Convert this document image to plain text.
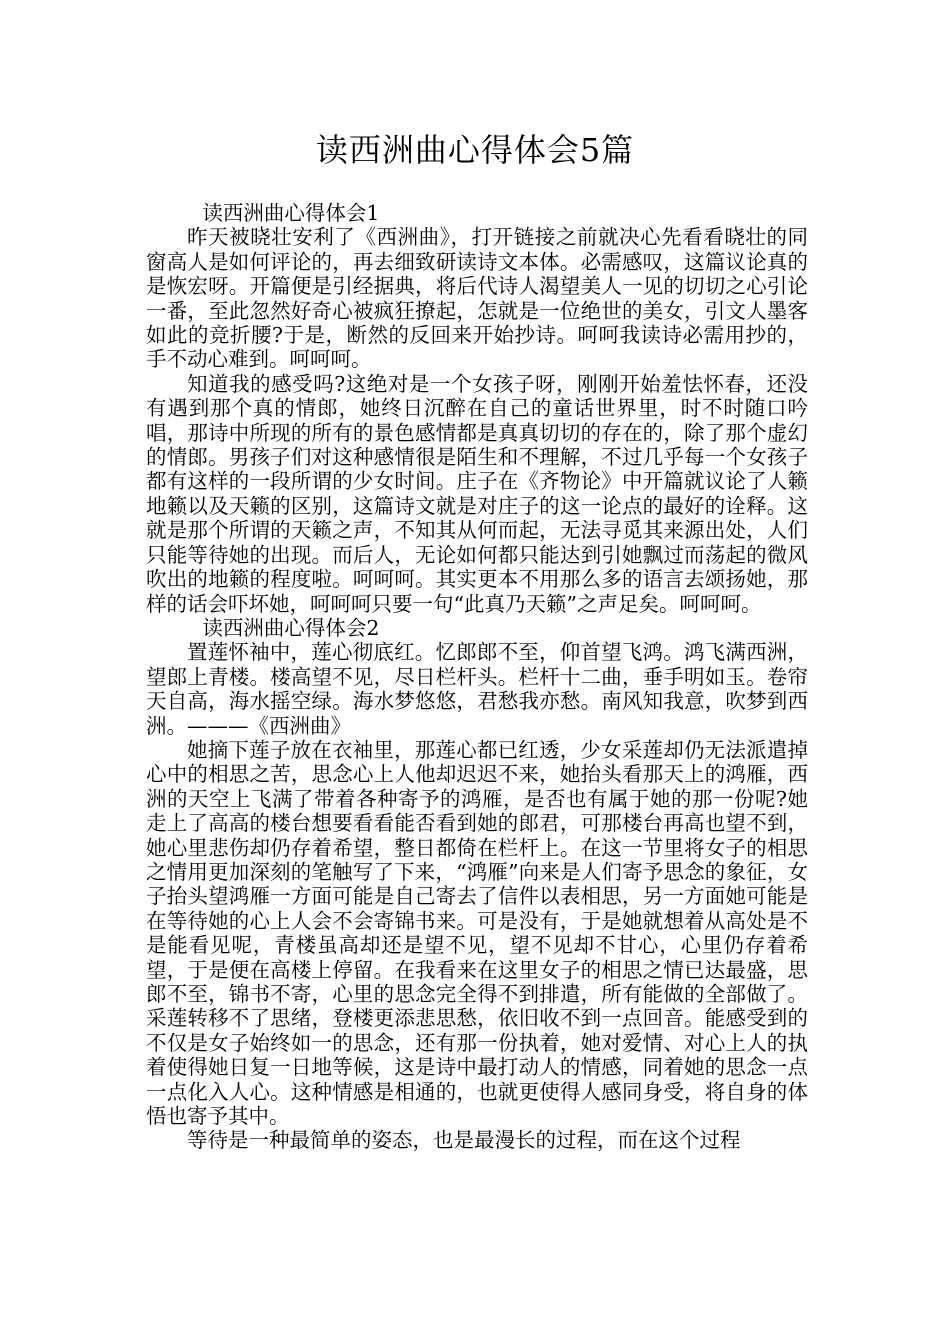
读西洲曲心得体会5篇

读西洲曲心得体会1

昨天被晓壮安利了《西洲曲》，打开链接之前就决心先看看晓壮的同窗高人是如何评论的，再去细致研读诗文本体。必需感叹，这篇议论真的是恢宏呀。开篇便是引经据典，将后代诗人渴望美人一见的切切之心引论一番，至此忽然好奇心被疯狂撩起，怎就是一位绝世的美女，引文人墨客如此的竞折腰?于是，断然的反回来开始抄诗。呵呵我读诗必需用抄的，手不动心难到。呵呵呵。

知道我的感受吗?这绝对是一个女孩子呀，刚刚开始羞怯怀春，还没有遇到那个真的情郎，她终日沉醉在自己的童话世界里，时不时随口吟唱，那诗中所现的所有的景色感情都是真真切切的存在的，除了那个虚幻的情郎。男孩子们对这种感情很是陌生和不理解，不过几乎每一个女孩子都有这样的一段所谓的少女时间。庄子在《齐物论》中开篇就议论了人籁地籁以及天籁的区别，这篇诗文就是对庄子的这一论点的最好的诠释。这就是那个所谓的天籁之声，不知其从何而起，无法寻觅其来源出处，人们只能等待她的出现。而后人，无论如何都只能达到引她飘过而荡起的微风吹出的地籁的程度啦。呵呵呵。其实更本不用那么多的语言去颂扬她，那样的话会吓坏她，呵呵呵只要一句“此真乃天籁”之声足矣。呵呵呵。

读西洲曲心得体会2

置莲怀袖中，莲心彻底红。忆郎郎不至，仰首望飞鸿。鸿飞满西洲，望郎上青楼。楼高望不见，尽日栏杆头。栏杆十二曲，垂手明如玉。卷帘天自高，海水摇空绿。海水梦悠悠，君愁我亦愁。南风知我意，吹梦到西洲。———《西洲曲》

她摘下莲子放在衣袖里，那莲心都已红透，少女采莲却仍无法派遣掉心中的相思之苦，思念心上人他却迟迟不来，她抬头看那天上的鸿雁，西洲的天空上飞满了带着各种寄予的鸿雁，是否也有属于她的那一份呢?她走上了高高的楼台想要看看能否看到她的郎君，可那楼台再高也望不到，她心里悲伤却仍存着希望，整日都倚在栏杆上。在这一节里将女子的相思之情用更加深刻的笔触写了下来，“鸿雁”向来是人们寄予思念的象征，女子抬头望鸿雁一方面可能是自己寄去了信件以表相思，另一方面她可能是在等待她的心上人会不会寄锦书来。可是没有，于是她就想着从高处是不是能看见呢，青楼虽高却还是望不见，望不见却不甘心，心里仍存着希望，于是便在高楼上停留。在我看来在这里女子的相思之情已达最盛，思郎不至，锦书不寄，心里的思念完全得不到排遣，所有能做的全部做了。采莲转移不了思绪，登楼更添悲思愁，依旧收不到一点回音。能感受到的不仅是女子始终如一的思念，还有那一份执着，她对爱情、对心上人的执着使得她日复一日地等候，这是诗中最打动人的情感，同着她的思念一点一点化入人心。这种情感是相通的，也就更使得人感同身受，将自身的体悟也寄予其中。

等待是一种最简单的姿态，也是最漫长的过程，而在这个过程
